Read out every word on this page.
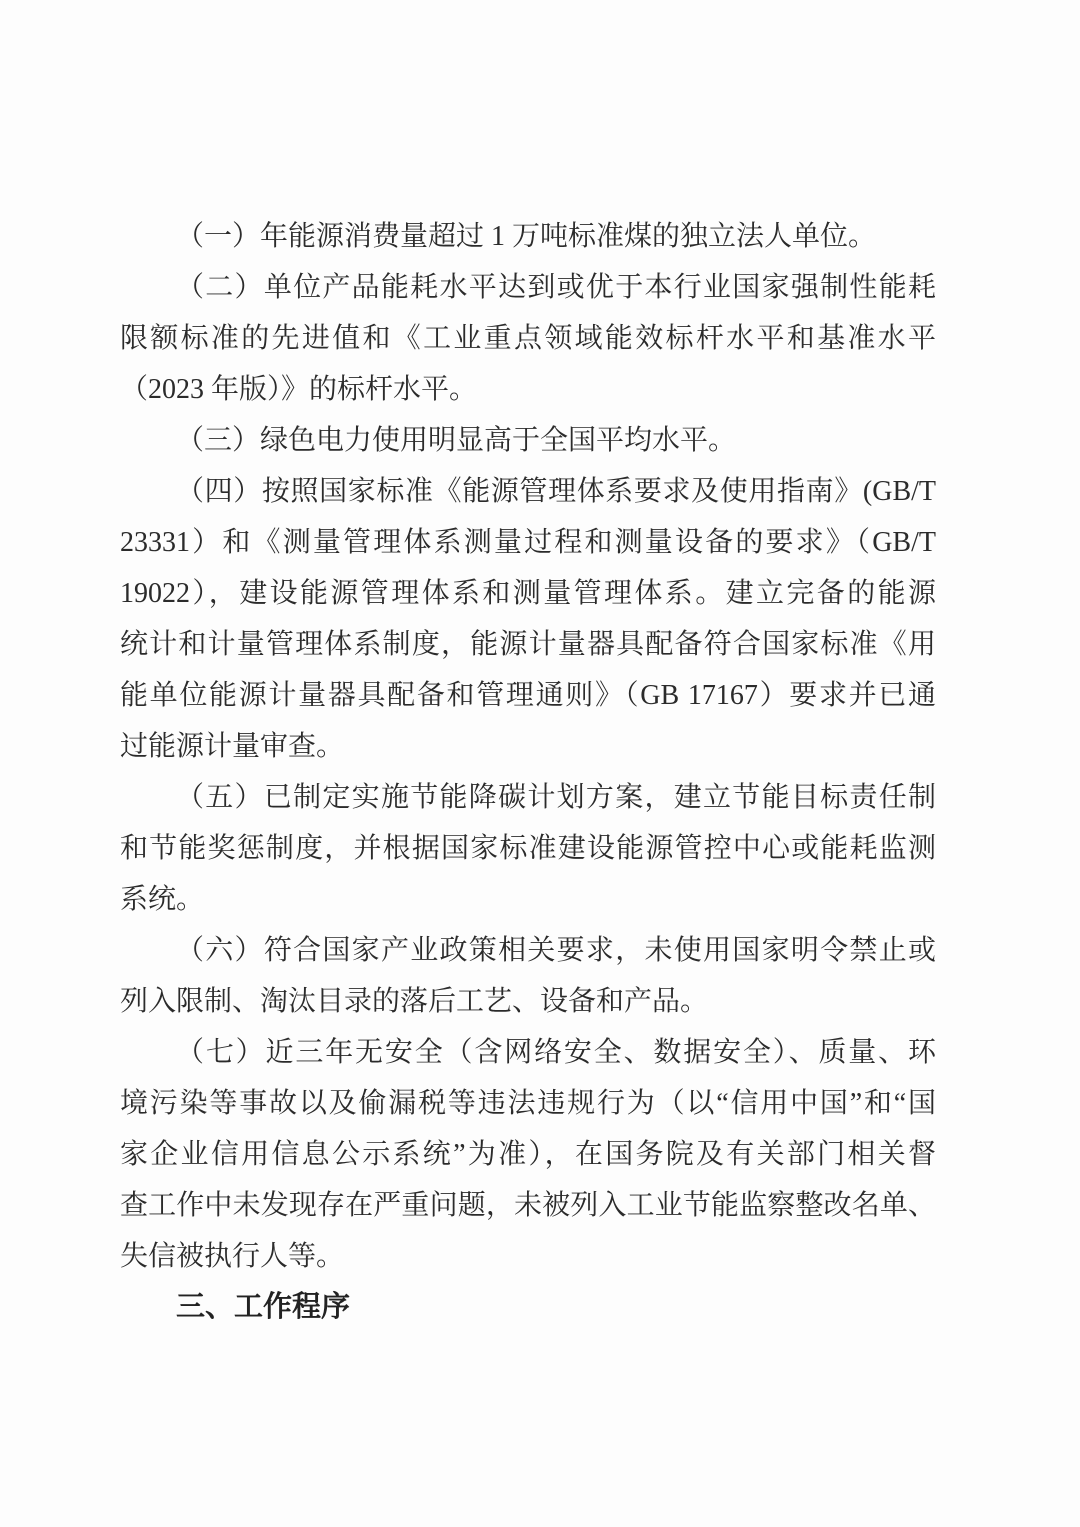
（一）年能源消费量超过 1 万吨标准煤的独立法人单位。
（二）单位产品能耗水平达到或优于本行业国家强制性能耗
限额标准的先进值和《工业重点领域能效标杆水平和基准水平
（2023 年版）》的标杆水平。
（三）绿色电力使用明显高于全国平均水平。
（四）按照国家标准《能源管理体系要求及使用指南》(GB/T
23331）和《测量管理体系测量过程和测量设备的要求》（GB/T
19022），建设能源管理体系和测量管理体系。建立完备的能源
统计和计量管理体系制度，能源计量器具配备符合国家标准《用
能单位能源计量器具配备和管理通则》（GB 17167）要求并已通
过能源计量审查。
（五）已制定实施节能降碳计划方案，建立节能目标责任制
和节能奖惩制度，并根据国家标准建设能源管控中心或能耗监测
系统。
（六）符合国家产业政策相关要求，未使用国家明令禁止或
列入限制、淘汰目录的落后工艺、设备和产品。
（七）近三年无安全（含网络安全、数据安全）、质量、环
境污染等事故以及偷漏税等违法违规行为（以“信用中国”和“国
家企业信用信息公示系统”为准），在国务院及有关部门相关督
查工作中未发现存在严重问题，未被列入工业节能监察整改名单、
失信被执行人等。
三、工作程序
